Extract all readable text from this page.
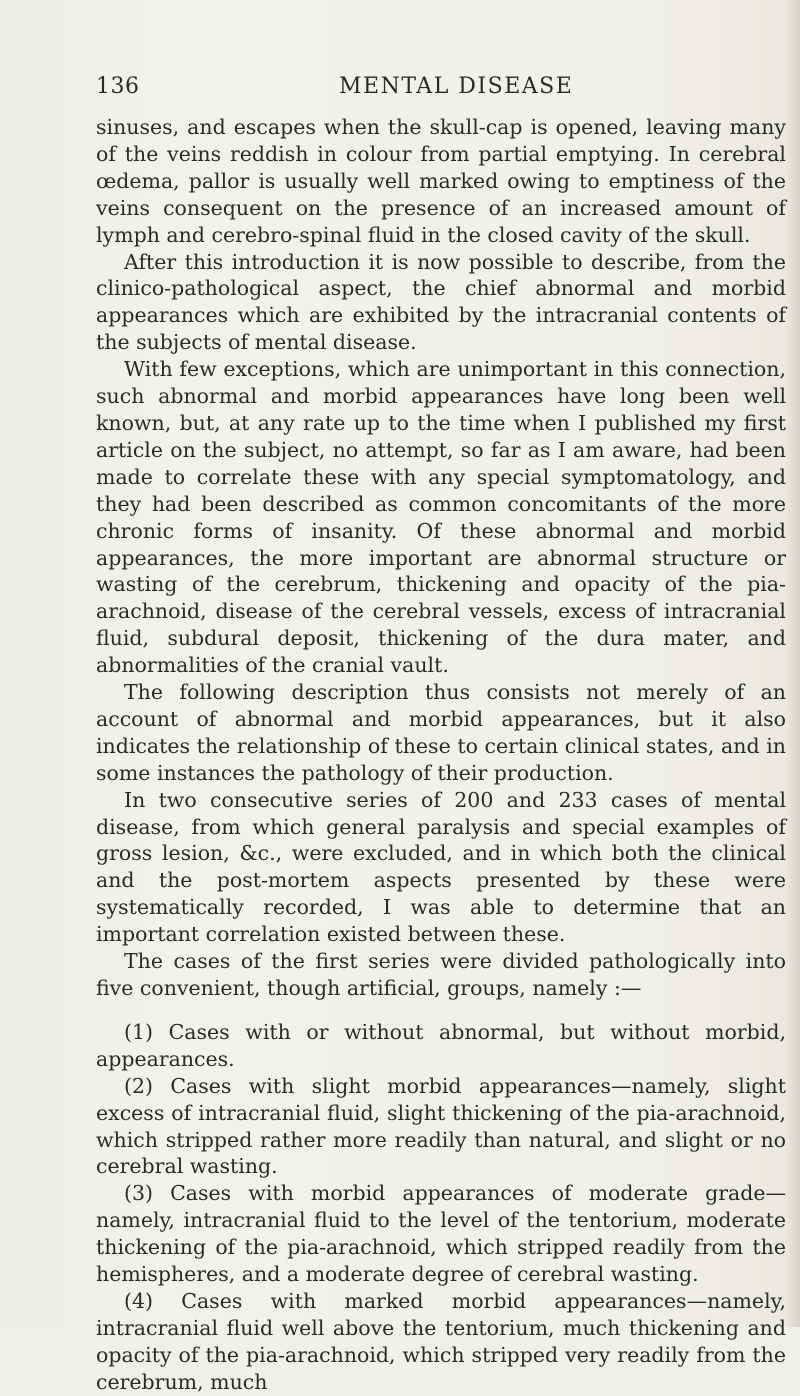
136	MENTAL DISEASE

sinuses, and escapes when the skull-cap is opened, leaving many of the veins reddish in colour from partial emptying. In cerebral œdema, pallor is usually well marked owing to emptiness of the veins consequent on the presence of an increased amount of lymph and cerebro-spinal fluid in the closed cavity of the skull.

After this introduction it is now possible to describe, from the clinico-pathological aspect, the chief abnormal and morbid appearances which are exhibited by the intracranial contents of the subjects of mental disease.

With few exceptions, which are unimportant in this connection, such abnormal and morbid appearances have long been well known, but, at any rate up to the time when I published my first article on the subject, no attempt, so far as I am aware, had been made to correlate these with any special symptomatology, and they had been described as common concomitants of the more chronic forms of insanity. Of these abnormal and morbid appearances, the more important are abnormal structure or wasting of the cerebrum, thickening and opacity of the pia-arachnoid, disease of the cerebral vessels, excess of intracranial fluid, subdural deposit, thickening of the dura mater, and abnormalities of the cranial vault.

The following description thus consists not merely of an account of abnormal and morbid appearances, but it also indicates the relationship of these to certain clinical states, and in some instances the pathology of their production.

In two consecutive series of 200 and 233 cases of mental disease, from which general paralysis and special examples of gross lesion, &c., were excluded, and in which both the clinical and the post-mortem aspects presented by these were systematically recorded, I was able to determine that an important correlation existed between these.

The cases of the first series were divided pathologically into five convenient, though artificial, groups, namely :—

(1) Cases with or without abnormal, but without morbid, appearances.

(2) Cases with slight morbid appearances—namely, slight excess of intracranial fluid, slight thickening of the pia-arachnoid, which stripped rather more readily than natural, and slight or no cerebral wasting.

(3) Cases with morbid appearances of moderate grade—namely, intracranial fluid to the level of the tentorium, moderate thickening of the pia-arachnoid, which stripped readily from the hemispheres, and a moderate degree of cerebral wasting.

(4) Cases with marked morbid appearances—namely, intracranial fluid well above the tentorium, much thickening and opacity of the pia-arachnoid, which stripped very readily from the cerebrum, much
